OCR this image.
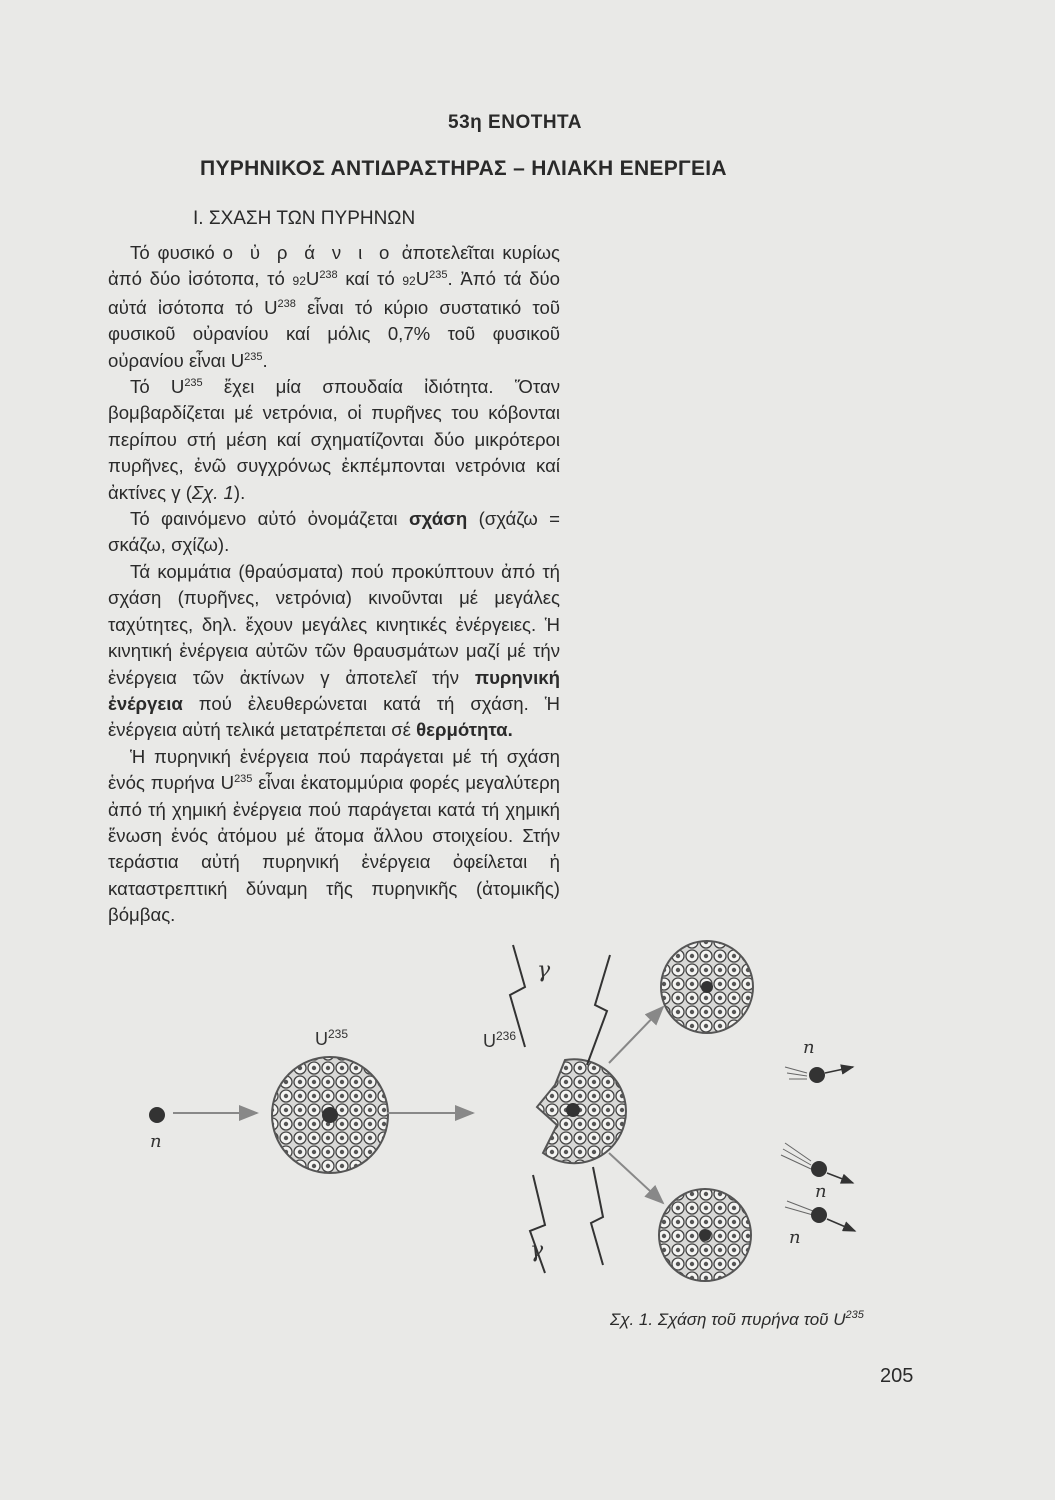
53η ΕΝΟΤΗΤΑ
ΠΥΡΗΝΙΚΟΣ ΑΝΤΙΔΡΑΣΤΗΡΑΣ – ΗΛΙΑΚΗ ΕΝΕΡΓΕΙΑ
Ι. ΣΧΑΣΗ ΤΩΝ ΠΥΡΗΝΩΝ

Τό φυσικό ο ὐ ρ ά ν ι ο ἀποτελεῖται κυρίως ἀπό δύο ἰσότοπα, τό $92U^{238}$ καί τό $92U^{235}$. Ἀπό τά δύο αὐτά ἰσότοπα τό $U^{238}$ εἶναι τό κύριο συστατικό τοῦ φυσικοῦ οὐρανίου καί μόλις 0,7% τοῦ φυσικοῦ οὐρανίου εἶναι $U^{235}$.

Τό $U^{235}$ ἔχει μία σπουδαία ἰδιότητα. Ὅταν βομβαρδίζεται μέ νετρόνια, οἱ πυρῆνες του κόβονται περίπου στή μέση καί σχηματίζονται δύο μικρότεροι πυρῆνες, ἐνῶ συγχρόνως ἐκπέμπονται νετρόνια καί ἀκτίνες γ (Σχ. 1).

Τό φαινόμενο αὐτό ὀνομάζεται σχάση (σχάζω = σκάζω, σχίζω).

Τά κομμάτια (θραύσματα) πού προκύπτουν ἀπό τή σχάση (πυρῆνες, νετρόνια) κινοῦνται μέ μεγάλες ταχύτητες, δηλ. ἔχουν μεγάλες κινητικές ἐνέργειες. Ἡ κινητική ἐνέργεια αὐτῶν τῶν θραυσμάτων μαζί μέ τήν ἐνέργεια τῶν ἀκτίνων γ ἀποτελεῖ τήν πυρηνική ἐνέργεια πού ἐλευθερώνεται κατά τή σχάση. Ἡ ἐνέργεια αὐτή τελικά μετατρέπεται σέ θερμότητα.

Ἡ πυρηνική ἐνέργεια πού παράγεται μέ τή σχάση ἑνός πυρήνα $U^{235}$ εἶναι ἑκατομμύρια φορές μεγαλύτερη ἀπό τή χημική ἐνέργεια πού παράγεται κατά τή χημική ἕνωση ἑνός ἀτόμου μέ ἄτομα ἄλλου στοιχείου. Στήν τεράστια αὐτή πυρηνική ἐνέργεια ὀφείλεται ἡ καταστρεπτική δύναμη τῆς πυρηνικῆς (ἀτομικῆς) βόμβας.

n
$U^{235}$	$U^{236}$
γ
γ
n
n
n
Σχ. 1. Σχάση τοῦ πυρήνα τοῦ $U^{235}$
205
